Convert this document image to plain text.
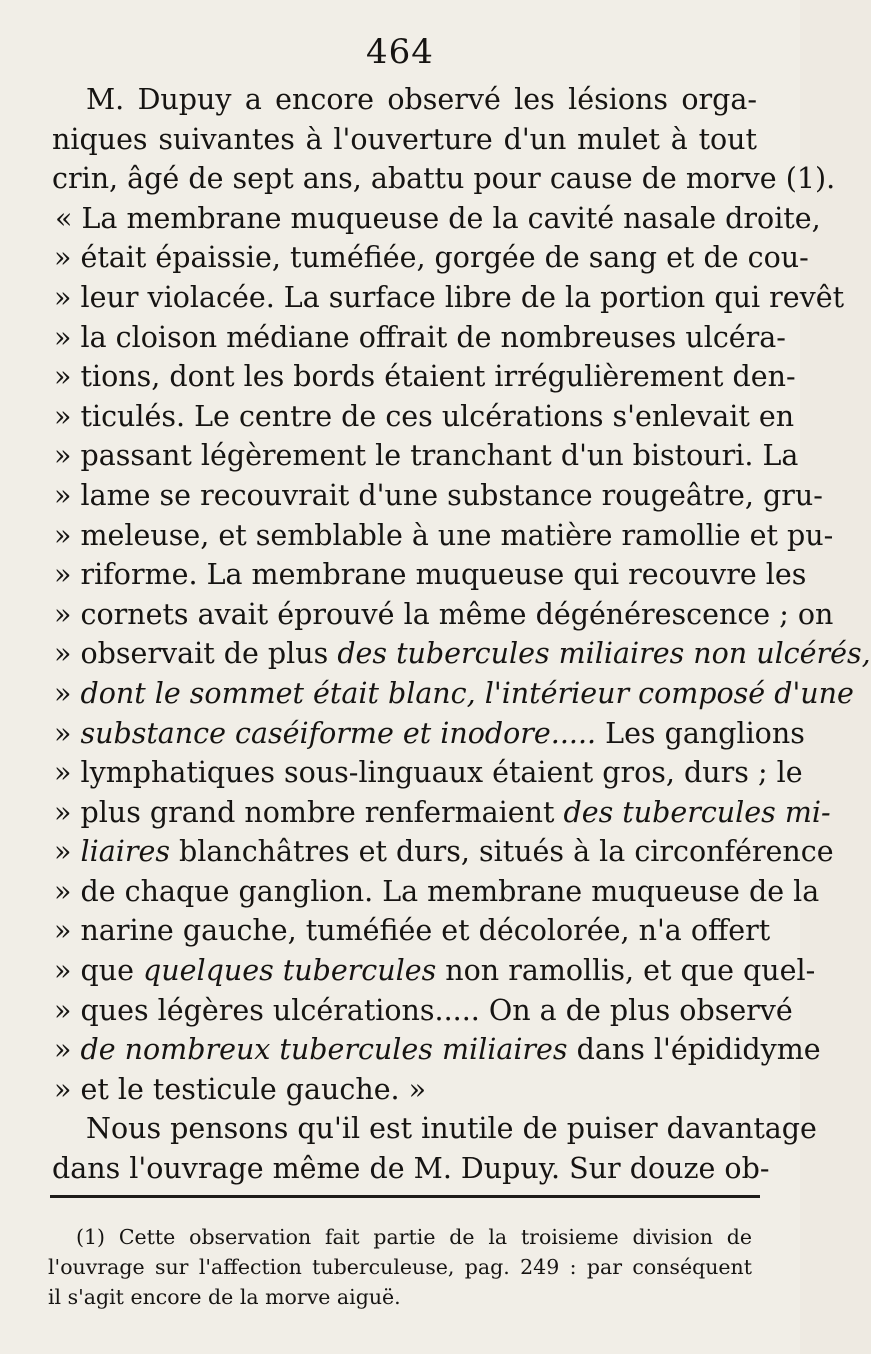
464
M. Dupuy a encore observé les lésions orga-
niques suivantes à l'ouverture d'un mulet à tout
crin, âgé de sept ans, abattu pour cause de morve (1).
« La membrane muqueuse de la cavité nasale droite,
» était épaissie, tuméfiée, gorgée de sang et de cou-
» leur violacée. La surface libre de la portion qui revêt
» la cloison médiane offrait de nombreuses ulcéra-
» tions, dont les bords étaient irrégulièrement den-
» ticulés. Le centre de ces ulcérations s'enlevait en
» passant légèrement le tranchant d'un bistouri. La
» lame se recouvrait d'une substance rougeâtre, gru-
» meleuse, et semblable à une matière ramollie et pu-
» riforme. La membrane muqueuse qui recouvre les
» cornets avait éprouvé la même dégénérescence ; on
» observait de plus des tubercules miliaires non ulcérés,
» dont le sommet était blanc, l'intérieur composé d'une
» substance caséiforme et inodore..... Les ganglions
» lymphatiques sous-linguaux étaient gros, durs ; le
» plus grand nombre renfermaient des tubercules mi-
» liaires blanchâtres et durs, situés à la circonférence
» de chaque ganglion. La membrane muqueuse de la
» narine gauche, tuméfiée et décolorée, n'a offert
» que quelques tubercules non ramollis, et que quel-
» ques légères ulcérations..... On a de plus observé
» de nombreux tubercules miliaires dans l'épididyme
» et le testicule gauche. »
Nous pensons qu'il est inutile de puiser davantage
dans l'ouvrage même de M. Dupuy. Sur douze ob-
(1) Cette observation fait partie de la troisieme division de
l'ouvrage sur l'affection tuberculeuse, pag. 249 : par conséquent
il s'agit encore de la morve aiguë.
